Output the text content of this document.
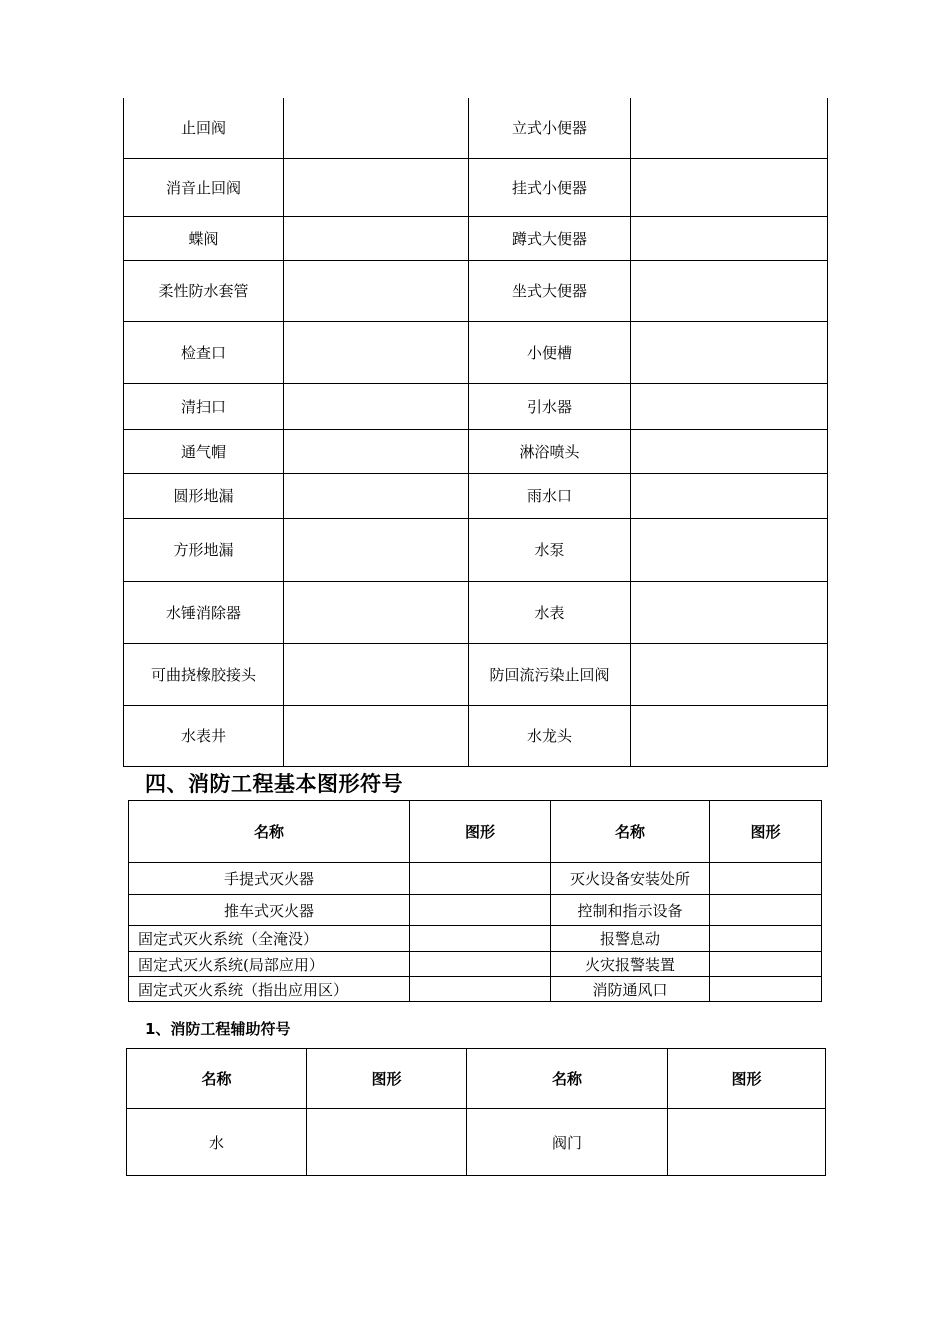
止回阀		立式小便器	
消音止回阀		挂式小便器	
蝶阀		蹲式大便器	
柔性防水套管		坐式大便器	
检查口		小便槽	
清扫口		引水器	
通气帽		淋浴喷头	
圆形地漏		雨水口	
方形地漏		水泵	
水锤消除器		水表	
可曲挠橡胶接头		防回流污染止回阀	
水表井		水龙头	
四、消防工程基本图形符号
名称	图形	名称	图形
手提式灭火器		灭火设备安装处所	
推车式灭火器		控制和指示设备	
固定式灭火系统（全淹没）		报警息动	
固定式灭火系统(局部应用）		火灾报警装置	
固定式灭火系统（指出应用区）		消防通风口	
1、消防工程辅助符号
名称	图形	名称	图形
水		阀门	
